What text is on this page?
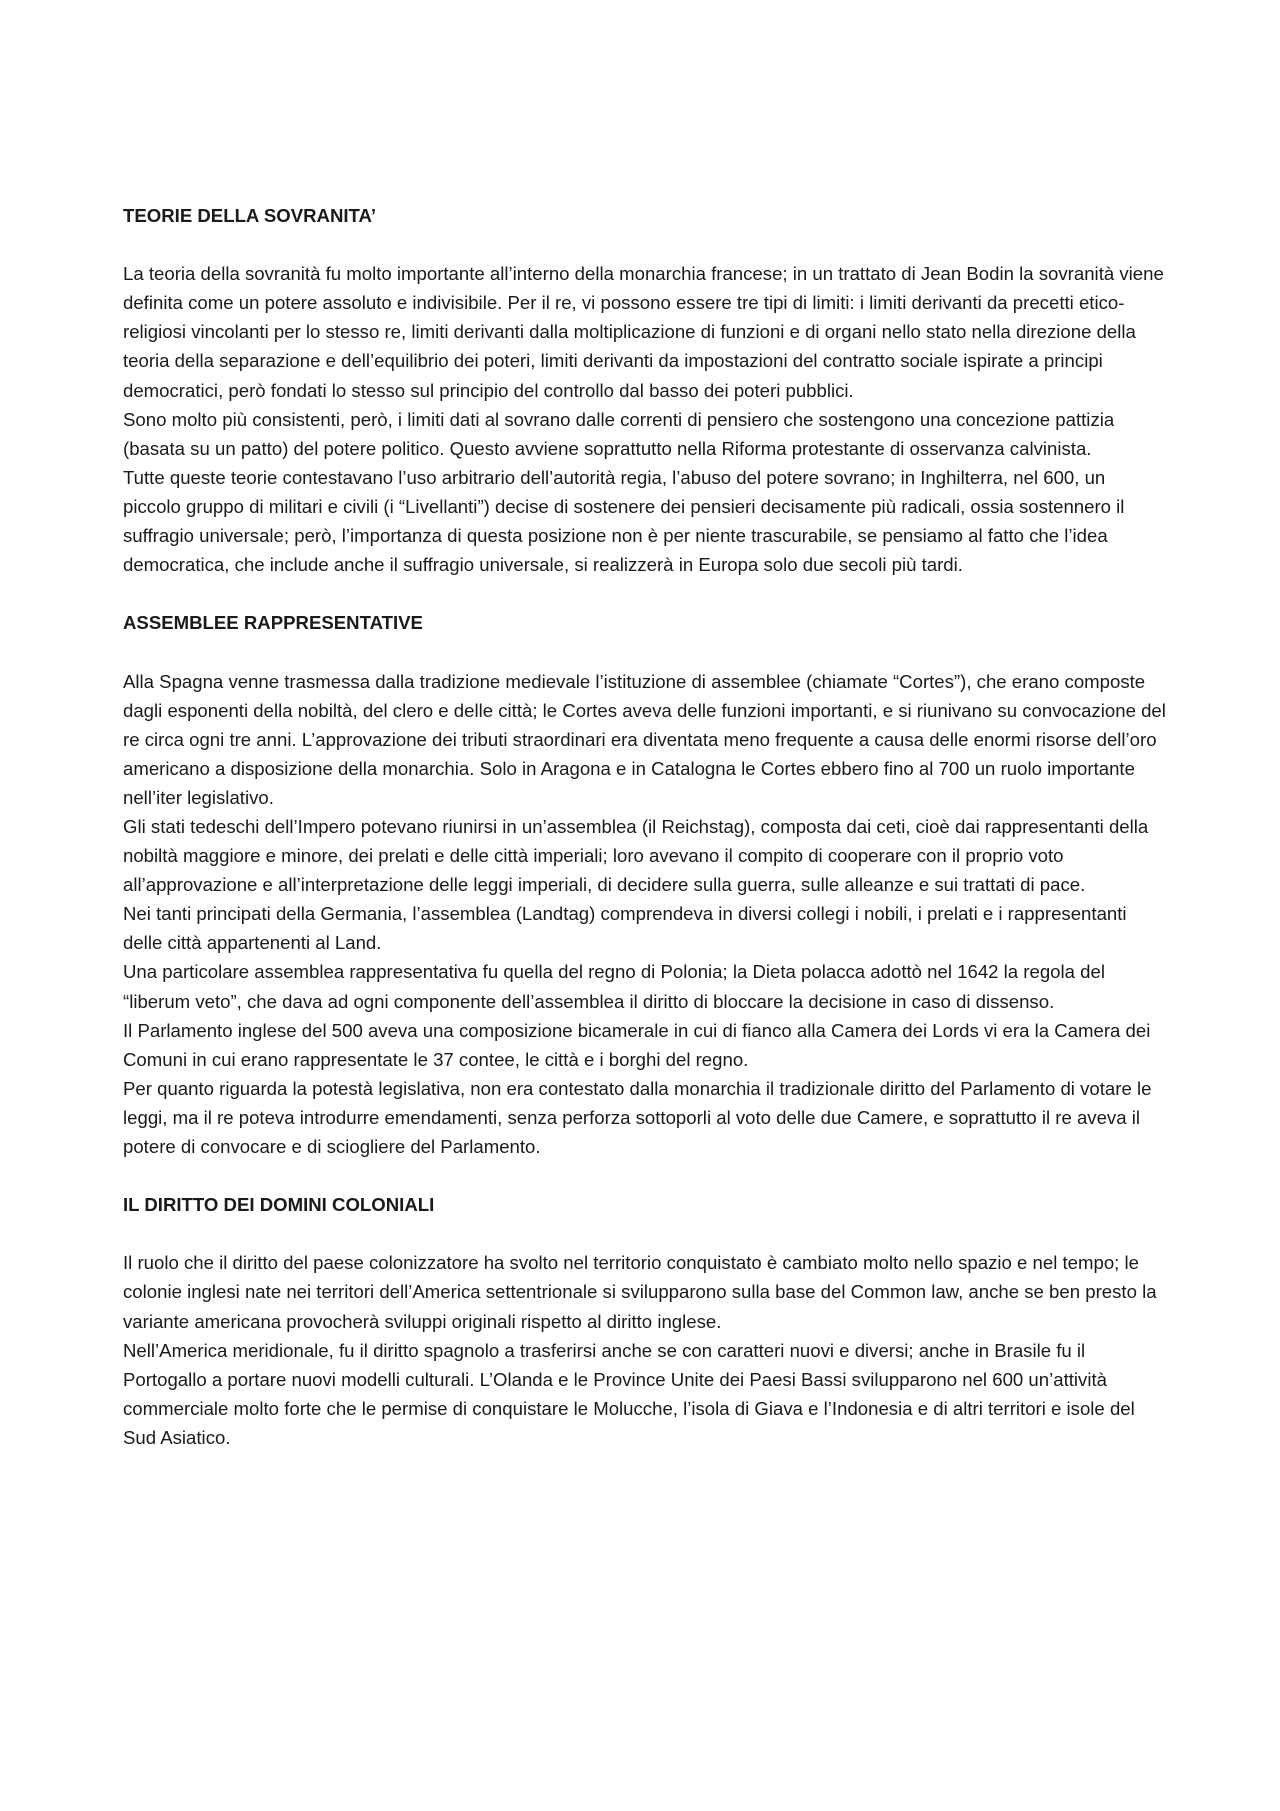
TEORIE DELLA SOVRANITA’

La teoria della sovranità fu molto importante all’interno della monarchia francese; in un trattato di Jean Bodin la sovranità viene definita come un potere assoluto e indivisibile. Per il re, vi possono essere tre tipi di limiti: i limiti derivanti da precetti etico-religiosi vincolanti per lo stesso re, limiti derivanti dalla moltiplicazione di funzioni e di organi nello stato nella direzione della teoria della separazione e dell’equilibrio dei poteri, limiti derivanti da impostazioni del contratto sociale ispirate a principi democratici, però fondati lo stesso sul principio del controllo dal basso dei poteri pubblici.

Sono molto più consistenti, però, i limiti dati al sovrano dalle correnti di pensiero che sostengono una concezione pattizia (basata su un patto) del potere politico. Questo avviene soprattutto nella Riforma protestante di osservanza calvinista.

Tutte queste teorie contestavano l’uso arbitrario dell’autorità regia, l’abuso del potere sovrano; in Inghilterra, nel 600, un piccolo gruppo di militari e civili (i “Livellanti”) decise di sostenere dei pensieri decisamente più radicali, ossia sostennero il suffragio universale; però, l’importanza di questa posizione non è per niente trascurabile, se pensiamo al fatto che l’idea democratica, che include anche il suffragio universale, si realizzerà in Europa solo due secoli più tardi.

ASSEMBLEE RAPPRESENTATIVE

Alla Spagna venne trasmessa dalla tradizione medievale l’istituzione di assemblee (chiamate “Cortes”), che erano composte dagli esponenti della nobiltà, del clero e delle città; le Cortes aveva delle funzioni importanti, e si riunivano su convocazione del re circa ogni tre anni. L’approvazione dei tributi straordinari era diventata meno frequente a causa delle enormi risorse dell’oro americano a disposizione della monarchia. Solo in Aragona e in Catalogna le Cortes ebbero fino al 700 un ruolo importante nell’iter legislativo.

Gli stati tedeschi dell’Impero potevano riunirsi in un’assemblea (il Reichstag), composta dai ceti, cioè dai rappresentanti della nobiltà maggiore e minore, dei prelati e delle città imperiali; loro avevano il compito di cooperare con il proprio voto all’approvazione e all’interpretazione delle leggi imperiali, di decidere sulla guerra, sulle alleanze e sui trattati di pace.

Nei tanti principati della Germania, l’assemblea (Landtag) comprendeva in diversi collegi i nobili, i prelati e i rappresentanti delle città appartenenti al Land.

Una particolare assemblea rappresentativa fu quella del regno di Polonia; la Dieta polacca adottò nel 1642 la regola del “liberum veto”, che dava ad ogni componente dell’assemblea il diritto di bloccare la decisione in caso di dissenso.

Il Parlamento inglese del 500 aveva una composizione bicamerale in cui di fianco alla Camera dei Lords vi era la Camera dei Comuni in cui erano rappresentate le 37 contee, le città e i borghi del regno.

Per quanto riguarda la potestà legislativa, non era contestato dalla monarchia il tradizionale diritto del Parlamento di votare le leggi, ma il re poteva introdurre emendamenti, senza perforza sottoporli al voto delle due Camere, e soprattutto il re aveva il potere di convocare e di sciogliere del Parlamento.

IL DIRITTO DEI DOMINI COLONIALI

Il ruolo che il diritto del paese colonizzatore ha svolto nel territorio conquistato è cambiato molto nello spazio e nel tempo; le colonie inglesi nate nei territori dell’America settentrionale si svilupparono sulla base del Common law, anche se ben presto la variante americana provocherà sviluppi originali rispetto al diritto inglese.

Nell’America meridionale, fu il diritto spagnolo a trasferirsi anche se con caratteri nuovi e diversi; anche in Brasile fu il Portogallo a portare nuovi modelli culturali. L’Olanda e le Province Unite dei Paesi Bassi svilupparono nel 600 un’attività commerciale molto forte che le permise di conquistare le Molucche, l’isola di Giava e l’Indonesia e di altri territori e isole del Sud Asiatico.
